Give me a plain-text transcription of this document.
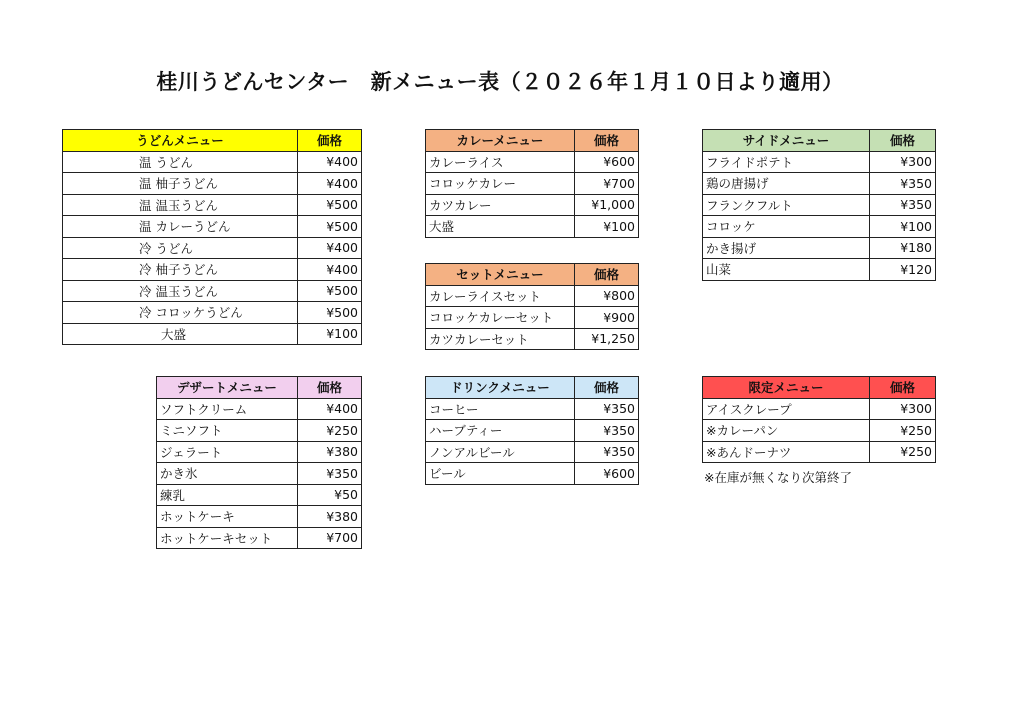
桂川うどんセンター　新メニュー表（２０２６年１月１０日より適用）
うどんメニュー	価格
温 うどん	¥400
温 柚子うどん	¥400
温 温玉うどん	¥500
温 カレーうどん	¥500
冷 うどん	¥400
冷 柚子うどん	¥400
冷 温玉うどん	¥500
冷 コロッケうどん	¥500
大盛	¥100
カレーメニュー	価格
カレーライス	¥600
コロッケカレー	¥700
カツカレー	¥1,000
大盛	¥100
セットメニュー	価格
カレーライスセット	¥800
コロッケカレーセット	¥900
カツカレーセット	¥1,250
サイドメニュー	価格
フライドポテト	¥300
鶏の唐揚げ	¥350
フランクフルト	¥350
コロッケ	¥100
かき揚げ	¥180
山菜	¥120
デザートメニュー	価格
ソフトクリーム	¥400
ミニソフト	¥250
ジェラート	¥380
かき氷	¥350
練乳	¥50
ホットケーキ	¥380
ホットケーキセット	¥700
ドリンクメニュー	価格
コーヒー	¥350
ハーブティー	¥350
ノンアルビール	¥350
ビール	¥600
限定メニュー	価格
アイスクレープ	¥300
※カレーパン	¥250
※あんドーナツ	¥250
※在庫が無くなり次第終了
